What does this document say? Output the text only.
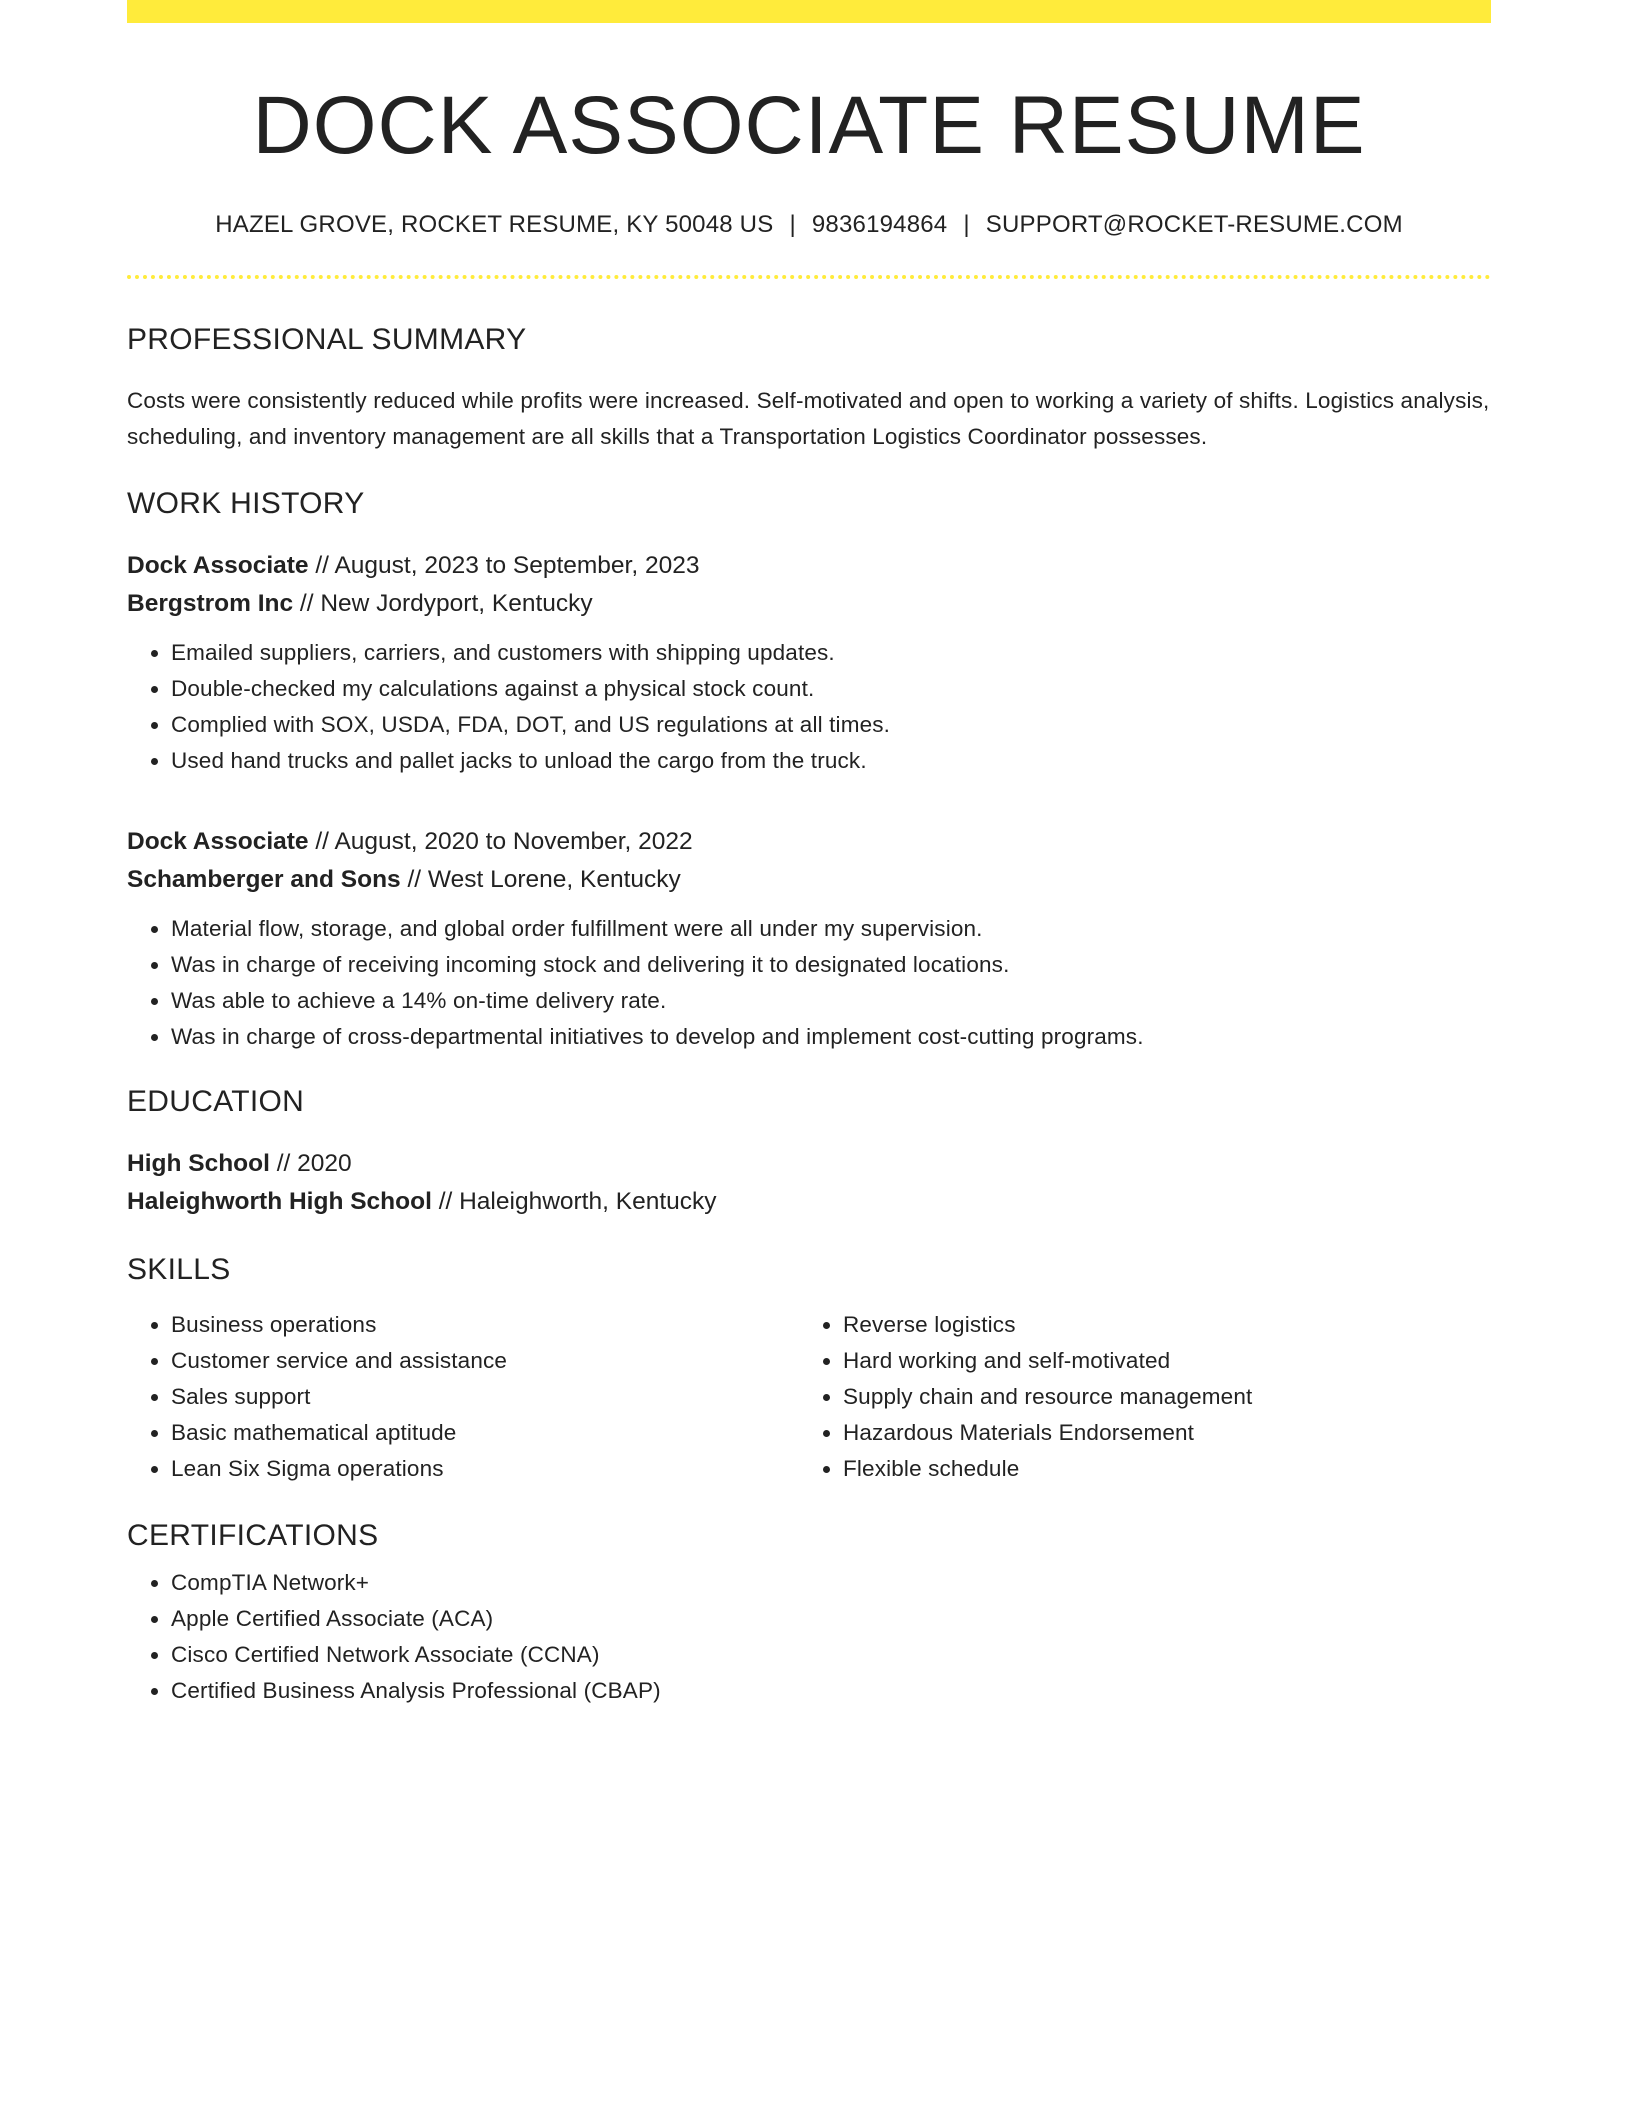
DOCK ASSOCIATE RESUME
HAZEL GROVE, ROCKET RESUME, KY 50048 US | 9836194864 | SUPPORT@ROCKET-RESUME.COM
PROFESSIONAL SUMMARY

Costs were consistently reduced while profits were increased. Self-motivated and open to working a variety of shifts. Logistics analysis, scheduling, and inventory management are all skills that a Transportation Logistics Coordinator possesses.

WORK HISTORY
Dock Associate // August, 2023 to September, 2023
Bergstrom Inc // New Jordyport, Kentucky
• Emailed suppliers, carriers, and customers with shipping updates.
• Double-checked my calculations against a physical stock count.
• Complied with SOX, USDA, FDA, DOT, and US regulations at all times.
• Used hand trucks and pallet jacks to unload the cargo from the truck.
Dock Associate // August, 2020 to November, 2022
Schamberger and Sons // West Lorene, Kentucky
• Material flow, storage, and global order fulfillment were all under my supervision.
• Was in charge of receiving incoming stock and delivering it to designated locations.
• Was able to achieve a 14% on-time delivery rate.
• Was in charge of cross-departmental initiatives to develop and implement cost-cutting programs.
EDUCATION
High School // 2020
Haleighworth High School // Haleighworth, Kentucky
SKILLS
• Business operations
• Customer service and assistance
• Sales support
• Basic mathematical aptitude
• Lean Six Sigma operations
• Reverse logistics
• Hard working and self-motivated
• Supply chain and resource management
• Hazardous Materials Endorsement
• Flexible schedule
CERTIFICATIONS
• CompTIA Network+
• Apple Certified Associate (ACA)
• Cisco Certified Network Associate (CCNA)
• Certified Business Analysis Professional (CBAP)
